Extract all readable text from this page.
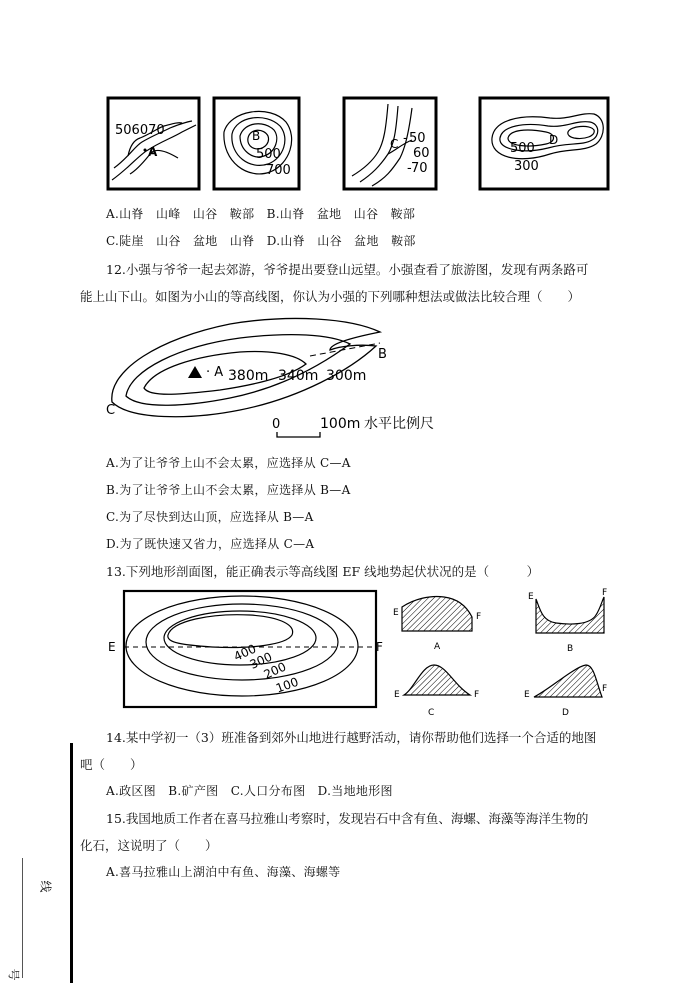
506070
A
B
500
700
C 50
60
70
-
-
D
500
300
A.山脊　山峰　山谷　鞍部　B.山脊　盆地　山谷　鞍部
C.陡崖　山谷　盆地　山脊　D.山脊　山谷　盆地　鞍部
12.小强与爷爷一起去郊游，爷爷提出要登山远望。小强查看了旅游图，发现有两条路可
能上山下山。如图为小山的等高线图，你认为小强的下列哪种想法或做法比较合理（　　）
· A 380m 340m 300m
B
C
0	100m 水平比例尺
A.为了让爷爷上山不会太累，应选择从 C—A
B.为了让爷爷上山不会太累，应选择从 B—A
C.为了尽快到达山顶，应选择从 B—A
D.为了既快速又省力，应选择从 C—A
13.下列地形剖面图，能正确表示等高线图 EF 线地势起伏状况的是（　　　）
E	F
400
300
200
100
E	F
A
E	F
B
E	F
C
E
F
D
14.某中学初一（3）班准备到郊外山地进行越野活动，请你帮助他们选择一个合适的地图
吧（　　）
A.政区图　B.矿产图　C.人口分布图　D.当地地形图
15.我国地质工作者在喜马拉雅山考察时，发现岩石中含有鱼、海螺、海藻等海洋生物的
化石，这说明了（　　）
A.喜马拉雅山上湖泊中有鱼、海藻、海螺等
线
号
